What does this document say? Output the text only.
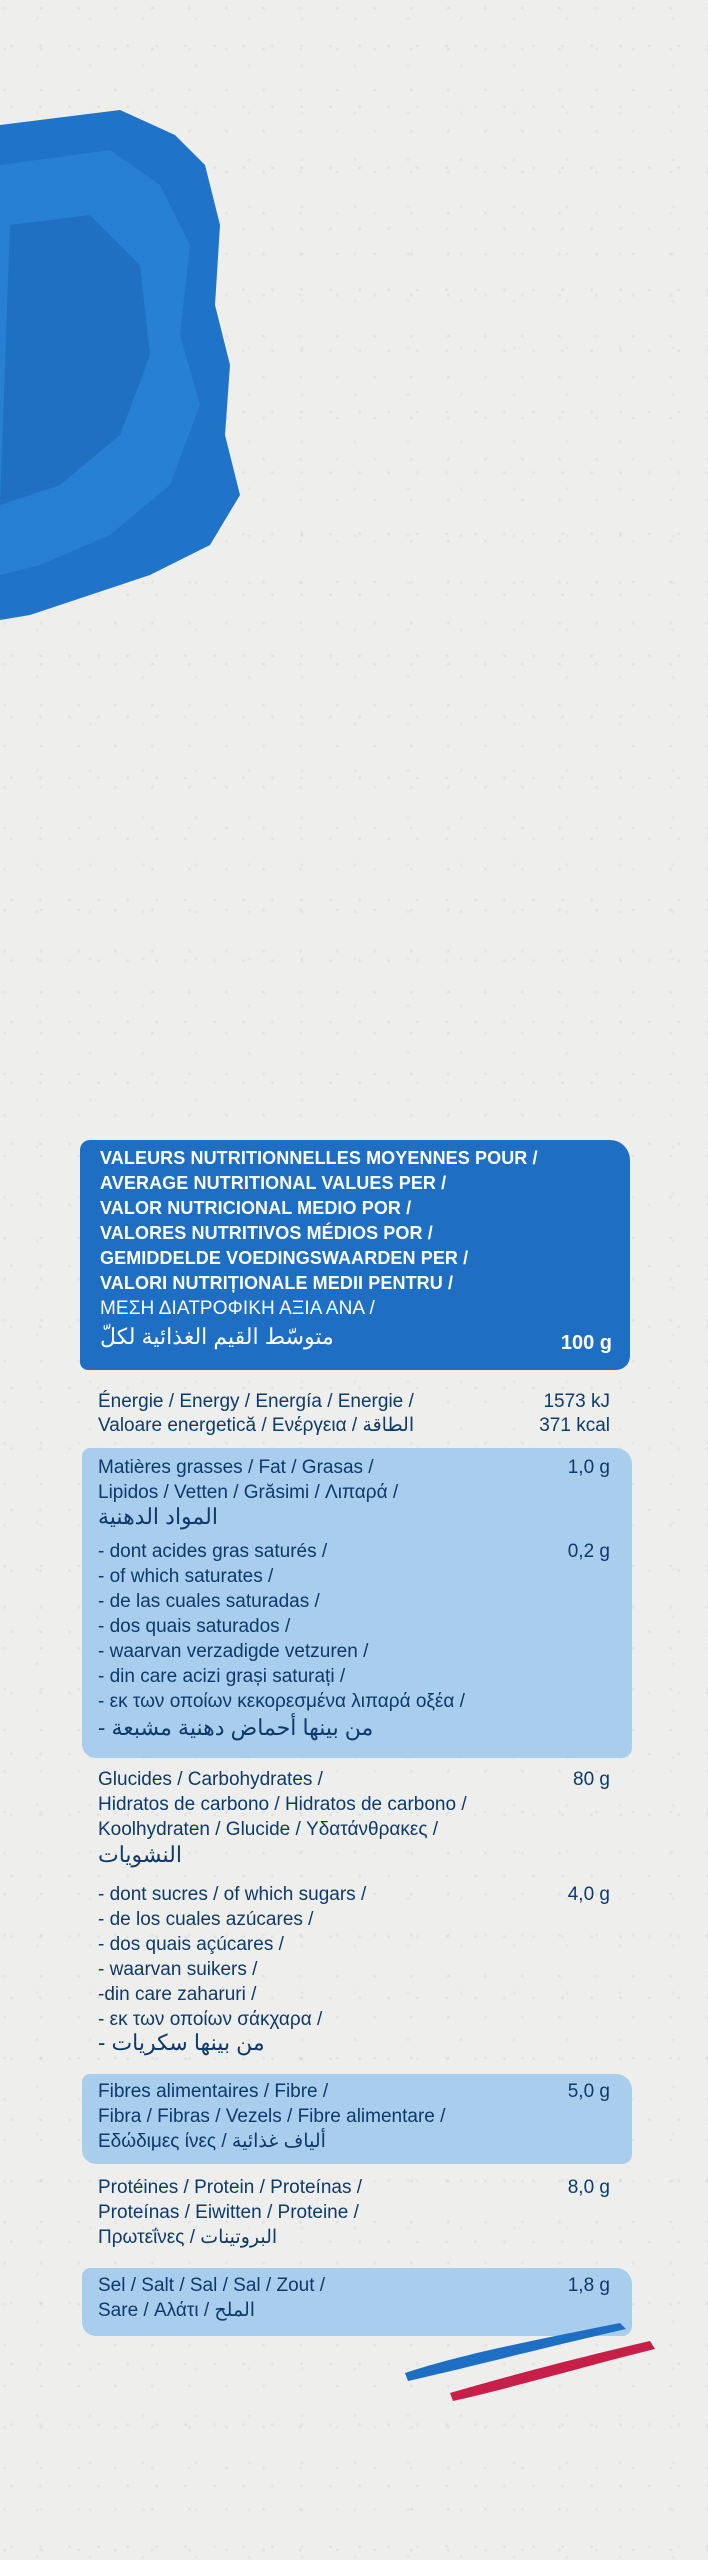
VALEURS NUTRITIONNELLES MOYENNES POUR /
AVERAGE NUTRITIONAL VALUES PER /
VALOR NUTRICIONAL MEDIO POR /
VALORES NUTRITIVOS MÉDIOS POR /
GEMIDDELDE VOEDINGSWAARDEN PER /
VALORI NUTRIȚIONALE MEDII PENTRU /
ΜΕΣΗ ΔΙΑΤΡΟΦΙΚΗ ΑΞΙΑ ΑΝΑ /
متوسّط القيم الغذائية لكلّ	100 g
Énergie / Energy / Energía / Energie /
Valoare energetică / Ενέργεια / الطاقة
1573 kJ
371 kcal
Matières grasses / Fat / Grasas /
Lipidos / Vetten / Grăsimi / Λιπαρά /
المواد الدهنية
1,0 g
- dont acides gras saturés /
- of which saturates /
- de las cuales saturadas /
- dos quais saturados /
- waarvan verzadigde vetzuren /
- din care acizi grași saturați /
- εκ των οποίων κεκορεσμένα λιπαρά οξέα /
- من بينها أحماض دهنية مشبعة
0,2 g
Glucides / Carbohydrates /
Hidratos de carbono / Hidratos de carbono /
Koolhydraten / Glucide / Υδατάνθρακες /
النشويات
80 g
- dont sucres / of which sugars /
- de los cuales azúcares /
- dos quais açúcares /
- waarvan suikers /
-din care zaharuri /
- εκ των οποίων σάκχαρα /
- من بينها سكريات
4,0 g
Fibres alimentaires / Fibre /
Fibra / Fibras / Vezels / Fibre alimentare /
Εδώδιμες ίνες / ألياف غذائية
5,0 g
Protéines / Protein / Proteínas /
Proteínas / Eiwitten / Proteine /
Πρωτεΐνες / البروتينات
8,0 g
Sel / Salt / Sal / Sal / Zout /
Sare / Αλάτι / الملح
1,8 g
